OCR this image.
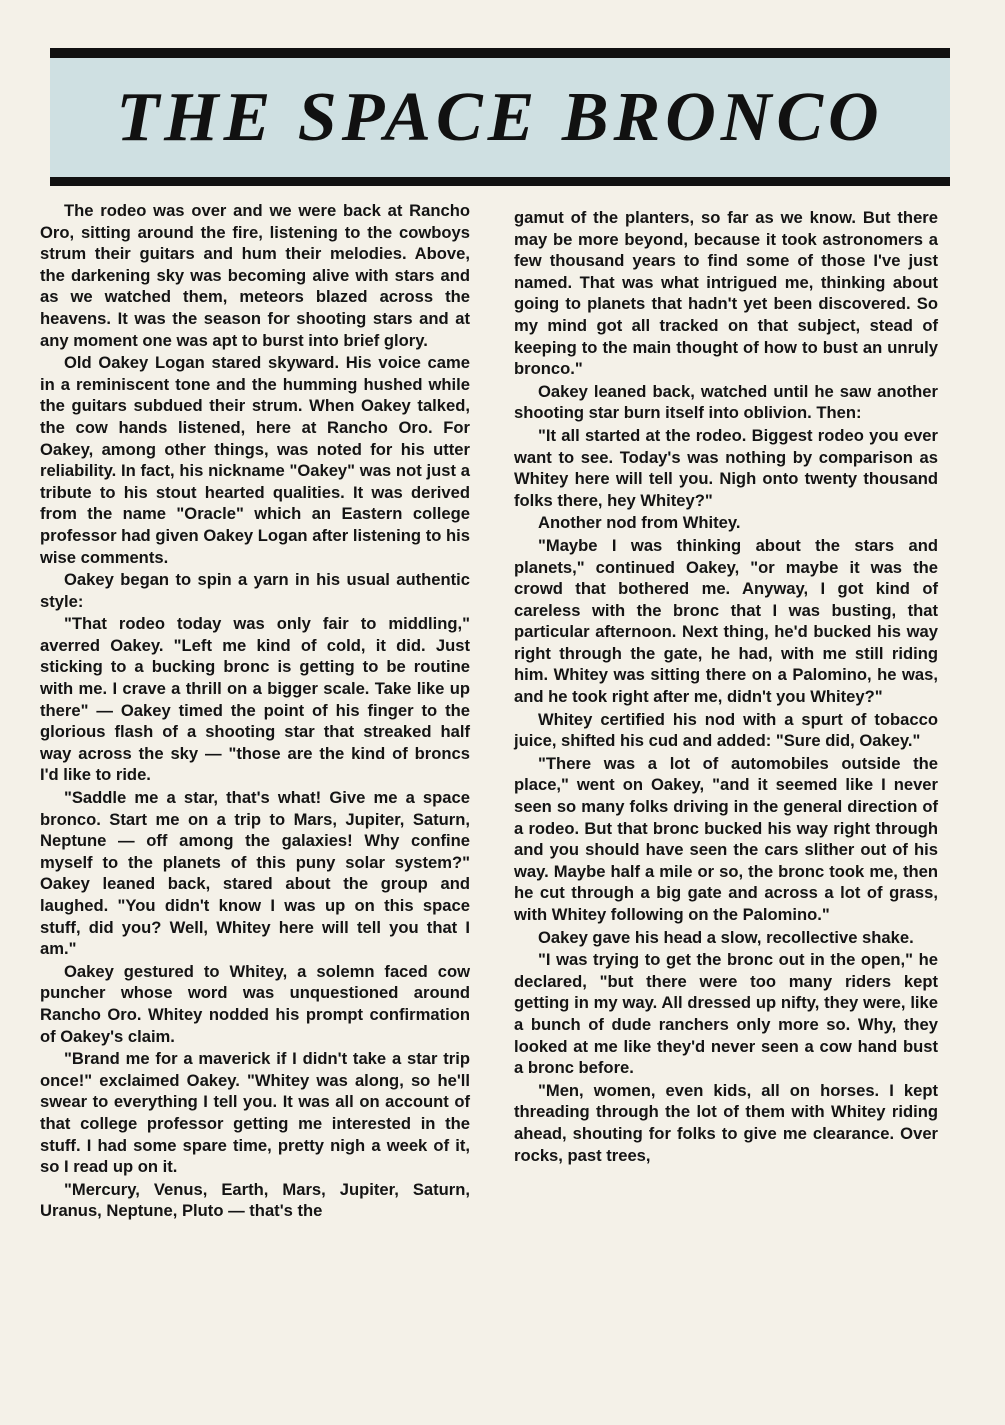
THE SPACE BRONCO

The rodeo was over and we were back at Rancho Oro, sitting around the fire, listening to the cowboys strum their guitars and hum their melodies. Above, the darkening sky was becoming alive with stars and as we watched them, meteors blazed across the heavens. It was the season for shooting stars and at any moment one was apt to burst into brief glory.

Old Oakey Logan stared skyward. His voice came in a reminiscent tone and the humming hushed while the guitars subdued their strum. When Oakey talked, the cow hands listened, here at Rancho Oro. For Oakey, among other things, was noted for his utter reliability. In fact, his nickname "Oakey" was not just a tribute to his stout hearted qualities. It was derived from the name "Oracle" which an Eastern college professor had given Oakey Logan after listening to his wise comments.

Oakey began to spin a yarn in his usual authentic style:

"That rodeo today was only fair to middling," averred Oakey. "Left me kind of cold, it did. Just sticking to a bucking bronc is getting to be routine with me. I crave a thrill on a bigger scale. Take like up there" — Oakey timed the point of his finger to the glorious flash of a shooting star that streaked half way across the sky — "those are the kind of broncs I'd like to ride.

"Saddle me a star, that's what! Give me a space bronco. Start me on a trip to Mars, Jupiter, Saturn, Neptune — off among the galaxies! Why confine myself to the planets of this puny solar system?" Oakey leaned back, stared about the group and laughed. "You didn't know I was up on this space stuff, did you? Well, Whitey here will tell you that I am."

Oakey gestured to Whitey, a solemn faced cow puncher whose word was unquestioned around Rancho Oro. Whitey nodded his prompt confirmation of Oakey's claim.

"Brand me for a maverick if I didn't take a star trip once!" exclaimed Oakey. "Whitey was along, so he'll swear to everything I tell you. It was all on account of that college professor getting me interested in the stuff. I had some spare time, pretty nigh a week of it, so I read up on it.

"Mercury, Venus, Earth, Mars, Jupiter, Saturn, Uranus, Neptune, Pluto — that's the

gamut of the planters, so far as we know. But there may be more beyond, because it took astronomers a few thousand years to find some of those I've just named. That was what intrigued me, thinking about going to planets that hadn't yet been discovered. So my mind got all tracked on that subject, stead of keeping to the main thought of how to bust an unruly bronco."

Oakey leaned back, watched until he saw another shooting star burn itself into oblivion. Then:

"It all started at the rodeo. Biggest rodeo you ever want to see. Today's was nothing by comparison as Whitey here will tell you. Nigh onto twenty thousand folks there, hey Whitey?"

Another nod from Whitey.

"Maybe I was thinking about the stars and planets," continued Oakey, "or maybe it was the crowd that bothered me. Anyway, I got kind of careless with the bronc that I was busting, that particular afternoon. Next thing, he'd bucked his way right through the gate, he had, with me still riding him. Whitey was sitting there on a Palomino, he was, and he took right after me, didn't you Whitey?"

Whitey certified his nod with a spurt of tobacco juice, shifted his cud and added: "Sure did, Oakey."

"There was a lot of automobiles outside the place," went on Oakey, "and it seemed like I never seen so many folks driving in the general direction of a rodeo. But that bronc bucked his way right through and you should have seen the cars slither out of his way. Maybe half a mile or so, the bronc took me, then he cut through a big gate and across a lot of grass, with Whitey following on the Palomino."

Oakey gave his head a slow, recollective shake.

"I was trying to get the bronc out in the open," he declared, "but there were too many riders kept getting in my way. All dressed up nifty, they were, like a bunch of dude ranchers only more so. Why, they looked at me like they'd never seen a cow hand bust a bronc before.

"Men, women, even kids, all on horses. I kept threading through the lot of them with Whitey riding ahead, shouting for folks to give me clearance. Over rocks, past trees,
